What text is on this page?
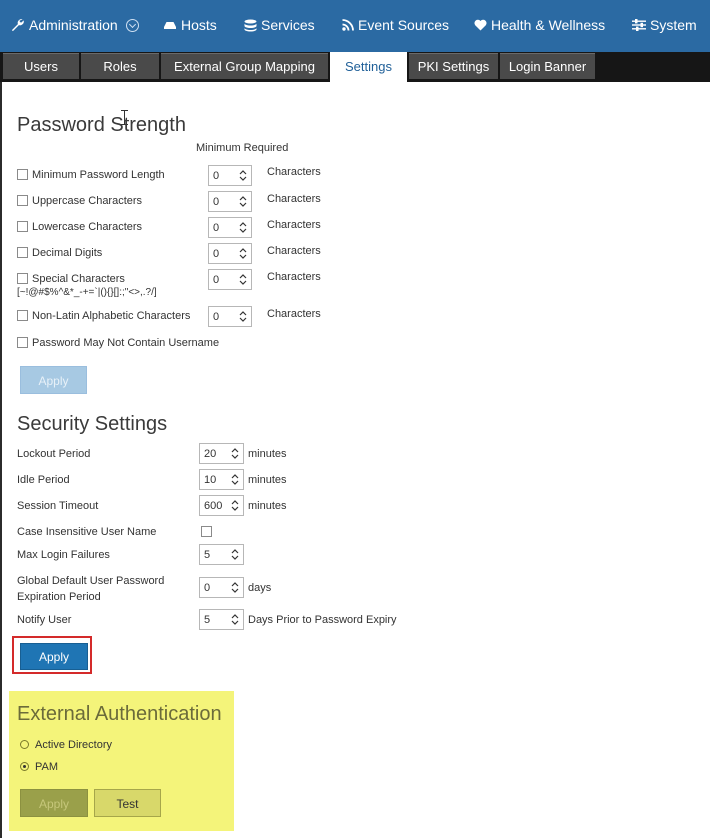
Administration	Hosts	Services	Event Sources	Health & Wellness	System
Users	Roles	External Group Mapping	Settings	PKI Settings	Login Banner
Password Strength
Minimum Required
Minimum Password Length	0	Characters
Uppercase Characters	0	Characters
Lowercase Characters	0	Characters
Decimal Digits	0	Characters
Special Characters
[~!@#$%^&*_-+=`|(){}[]:;"<>,.?/]
0	Characters
Non-Latin Alphabetic Characters 0	Characters
Password May Not Contain Username
Apply
Security Settings
Lockout Period	20	minutes
Idle Period	10	minutes
Session Timeout	600 minutes
Case Insensitive User Name
Max Login Failures	5
Global Default User Password
Expiration Period
0	days
Notify User	5	Days Prior to Password Expiry
Apply
External Authentication
Active Directory
PAM
Apply	Test
